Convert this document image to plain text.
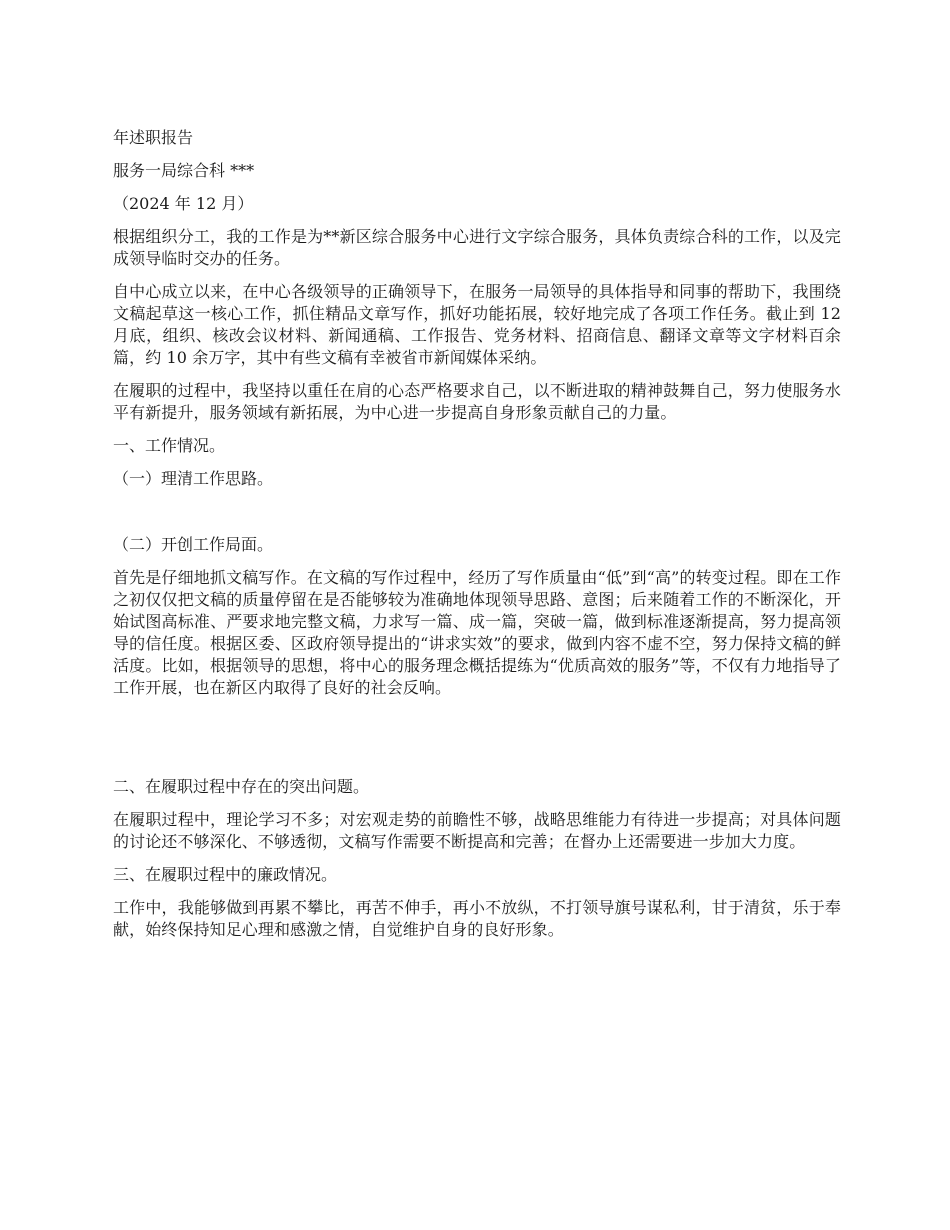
年述职报告

服务一局综合科 ***

（2024 年 12 月）

根据组织分工，我的工作是为**新区综合服务中心进行文字综合服务，具体负责综合科的工作，以及完成领导临时交办的任务。

自中心成立以来，在中心各级领导的正确领导下，在服务一局领导的具体指导和同事的帮助下，我围绕文稿起草这一核心工作，抓住精品文章写作，抓好功能拓展，较好地完成了各项工作任务。截止到 12 月底，组织、核改会议材料、新闻通稿、工作报告、党务材料、招商信息、翻译文章等文字材料百余篇，约 10 余万字，其中有些文稿有幸被省市新闻媒体采纳。

在履职的过程中，我坚持以重任在肩的心态严格要求自己，以不断进取的精神鼓舞自己，努力使服务水平有新提升，服务领域有新拓展，为中心进一步提高自身形象贡献自己的力量。

一、工作情况。

（一）理清工作思路。

（二）开创工作局面。

首先是仔细地抓文稿写作。在文稿的写作过程中，经历了写作质量由“低”到“高”的转变过程。即在工作之初仅仅把文稿的质量停留在是否能够较为准确地体现领导思路、意图；后来随着工作的不断深化，开始试图高标准、严要求地完整文稿，力求写一篇、成一篇，突破一篇，做到标准逐渐提高，努力提高领导的信任度。根据区委、区政府领导提出的“讲求实效”的要求，做到内容不虚不空，努力保持文稿的鲜活度。比如，根据领导的思想，将中心的服务理念概括提练为“优质高效的服务”等，不仅有力地指导了工作开展，也在新区内取得了良好的社会反响。

二、在履职过程中存在的突出问题。

在履职过程中，理论学习不多；对宏观走势的前瞻性不够，战略思维能力有待进一步提高；对具体问题的讨论还不够深化、不够透彻，文稿写作需要不断提高和完善；在督办上还需要进一步加大力度。

三、在履职过程中的廉政情况。

工作中，我能够做到再累不攀比，再苦不伸手，再小不放纵，不打领导旗号谋私利，甘于清贫，乐于奉献，始终保持知足心理和感激之情，自觉维护自身的良好形象。
